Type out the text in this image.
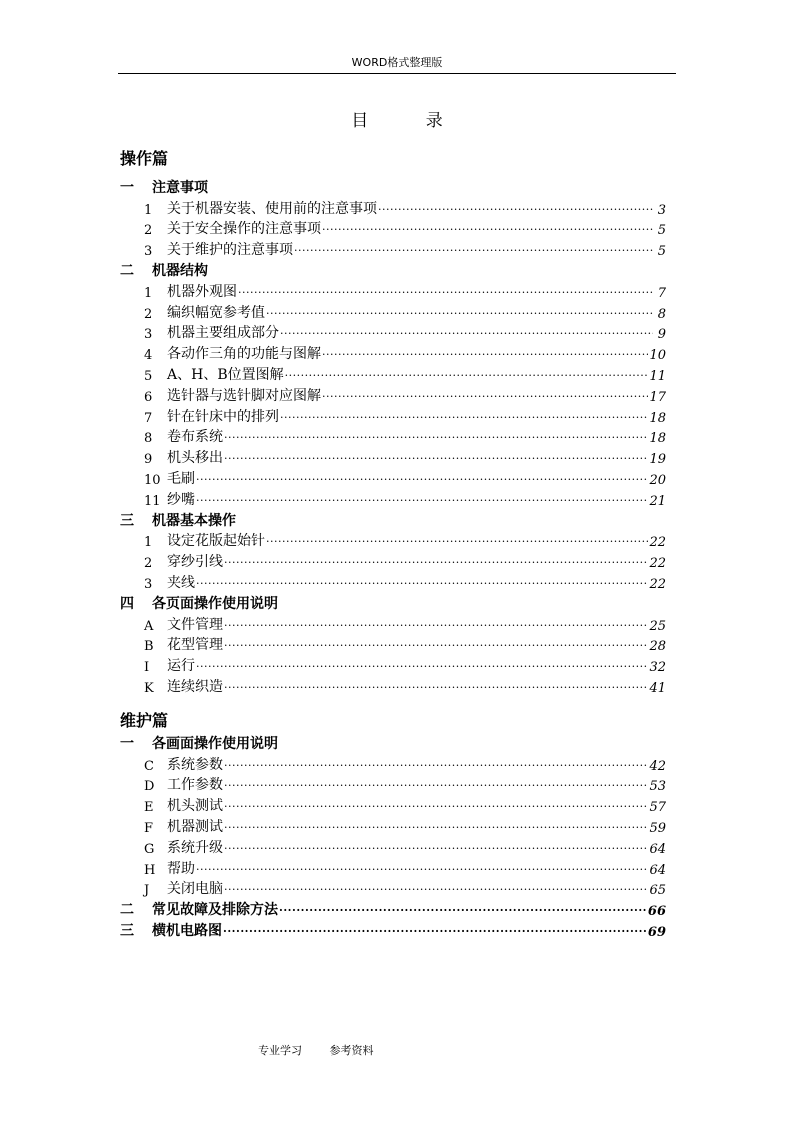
WORD格式整理版
目 录
操作篇
一	注意事项
1	关于机器安装、使用前的注意事项 ·····	3
2	关于安全操作的注意事项 ·····	5
3	关于维护的注意事项 ·····	5
二	机器结构
1	机器外观图 ·····	7
2	编织幅宽参考值 ·····	8
3	机器主要组成部分 ·····	9
4	各动作三角的功能与图解 ·····	10
5	A、H、B位置图解 ·····	11
6	选针器与选针脚对应图解 ·····	17
7	针在针床中的排列 ·····	18
8	卷布系统 ·····	18
9	机头移出 ·····	19
10 毛刷 ·····	20
11 纱嘴 ·····	21
三	机器基本操作
1	设定花版起始针 ·····	22
2	穿纱引线 ·····	22
3	夹线 ·····	22
四	各页面操作使用说明
A 文件管理 ·····	25
B 花型管理 ·····	28
I	运行 ·····	32
K 连续织造 ·····	41
维护篇
一	各画面操作使用说明
C 系统参数 ·····	42
D 工作参数 ·····	53
E 机头测试 ·····	57
F 机器测试 ·····	59
G 系统升级 ·····	64
H 帮助 ·····	64
J	关闭电脑 ·····	65
二	常见故障及排除方法 ·····	66
三	横机电路图 ·····	69
专业学习	参考资料
